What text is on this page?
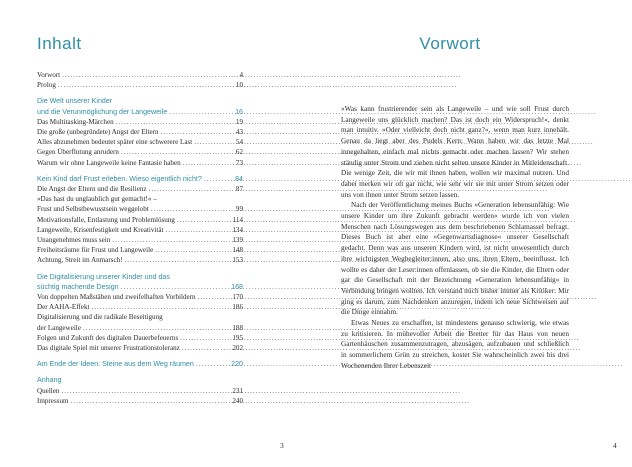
Inhalt
Vorwort .....	4
Prolog .....	10
Die Welt unserer Kinder
und die Verunmöglichung der Langeweile .....	16
Das Multitasking-Märchen .....	19
Die große (unbegründete) Angst der Eltern .....	43
Alles abzunehmen bedeutet später eine schwerere Last .....	54
Gegen Überflutung anrudern .....	62
Warum wir ohne Langeweile keine Fantasie haben .....	73
Kein Kind darf Frust erleben. Wieso eigentlich nicht? .....	84
Die Angst der Eltern und die Resilienz .....	87
»Das hast du unglaublich gut gemacht!« –
Frust und Selbstbewusstsein weggelobt .....	99
Motivationsfalle, Entlastung und Problemlösung .....	114
Langeweile, Krisenfestigkeit und Kreativität .....	134
Unangenehmes muss sein .....	139
Freiheitsräume für Frust und Langeweile .....	148
Achtung, Streit im Anmarsch! .....	153
Die Digitalisierung unserer Kinder und das
süchtig machende Design .....	168
Von doppelten Maßstäben und zweifelhaften Vorbildern .....	170
Der AAHA-Effekt .....	186
Digitalisierung und die radikale Beseitigung
der Langeweile .....	188
Folgen und Zukunft des digitalen Dauerbefeuerns .....	195
Das digitale Spiel mit unserer Frustrationstoleranz .....	202
Am Ende der Ideen: Steine aus dem Weg räumen .....	220
Anhang
Quellen .....	231
Impressum .....	240
3
Vorwort

»Was kann frustrierender sein als Langeweile – und wie soll Frust durch Langeweile uns glücklich machen? Das ist doch ein Widerspruch!«, denkt man intuitiv. »Oder vielleicht doch nicht ganz?«, wenn man kurz innehält. Genau da liegt aber des Pudels Kern: Wann haben wir das letzte Mal innegehalten, einfach mal nichts gemacht oder machen lassen? Wir stehen ständig unter Strom und ziehen nicht selten unsere Kinder in Mitleidenschaft. Die wenige Zeit, die wir mit ihnen haben, wollen wir maximal nutzen. Und dabei merken wir oft gar nicht, wie sehr wir sie mit unter Strom setzen oder uns von ihnen unter Strom setzen lassen.

Nach der Veröffentlichung meines Buchs »Generation lebensunfähig: Wie unsere Kinder um ihre Zukunft gebracht werden« wurde ich von vielen Menschen nach Lösungswegen aus dem beschriebenen Schlamassel befragt. Dieses Buch ist aber eine »Gegenwartsdiagnose« unserer Gesellschaft gedacht. Denn was aus unseren Kindern wird, ist nicht unwesentlich durch ihre wichtigsten Wegbegleiter:innen, also uns, ihren Eltern, beeinflusst. Ich wollte es daher der Leser:innen offenlassen, ob sie die Kinder, die Eltern oder gar die Gesellschaft mit der Bezeichnung »Generation lebensunfähig« in Verbindung bringen wollten. Ich verstand mich bisher immer als Kritiker: Mir ging es darum, zum Nachdenken anzuregen, indem ich neue Sichtweisen auf die Dinge einnahm.

Etwas Neues zu erschaffen, ist mindestens genauso schwierig, wie etwas zu kritisieren. In mühevoller Arbeit die Bretter für das Haus von neuen Gartenhäuschen zusammenzutragen, abzusägen, aufzubauen und schließlich in sommerlichem Grün zu streichen, kostet Sie wahrscheinlich zwei bis drei Wochenenden Ihrer Lebenszeit

4
